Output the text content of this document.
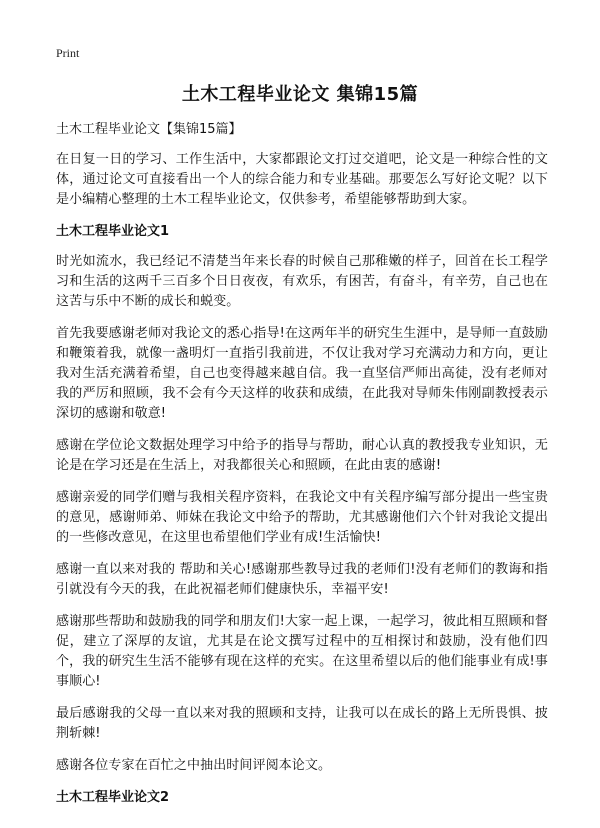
Print
土木工程毕业论文 集锦15篇
土木工程毕业论文【集锦15篇】

在日复一日的学习、工作生活中，大家都跟论文打过交道吧，论文是一种综合性的文体，通过论文可直接看出一个人的综合能力和专业基础。那要怎么写好论文呢？以下是小编精心整理的土木工程毕业论文，仅供参考，希望能够帮助到大家。

土木工程毕业论文1

时光如流水，我已经记不清楚当年来长春的时候自己那稚嫩的样子，回首在长工程学习和生活的这两千三百多个日日夜夜，有欢乐，有困苦，有奋斗，有辛劳，自己也在这苦与乐中不断的成长和蜕变。

首先我要感谢老师对我论文的悉心指导!在这两年半的研究生生涯中，是导师一直鼓励和鞭策着我，就像一盏明灯一直指引我前进，不仅让我对学习充满动力和方向，更让我对生活充满着希望，自己也变得越来越自信。我一直坚信严师出高徒，没有老师对我的严厉和照顾，我不会有今天这样的收获和成绩，在此我对导师朱伟刚副教授表示深切的感谢和敬意!

感谢在学位论文数据处理学习中给予的指导与帮助，耐心认真的教授我专业知识，无论是在学习还是在生活上，对我都很关心和照顾，在此由衷的感谢!

感谢亲爱的同学们赠与我相关程序资料，在我论文中有关程序编写部分提出一些宝贵的意见，感谢师弟、师妹在我论文中给予的帮助，尤其感谢他们六个针对我论文提出的一些修改意见，在这里也希望他们学业有成!生活愉快!

感谢一直以来对我的 帮助和关心!感谢那些教导过我的老师们!没有老师们的教诲和指引就没有今天的我，在此祝福老师们健康快乐，幸福平安!

感谢那些帮助和鼓励我的同学和朋友们!大家一起上课，一起学习，彼此相互照顾和督促，建立了深厚的友谊，尤其是在论文撰写过程中的互相探讨和鼓励，没有他们四个，我的研究生生活不能够有现在这样的充实。在这里希望以后的他们能事业有成!事事顺心!

最后感谢我的父母一直以来对我的照顾和支持，让我可以在成长的路上无所畏惧、披荆斩棘!

感谢各位专家在百忙之中抽出时间评阅本论文。

土木工程毕业论文2
